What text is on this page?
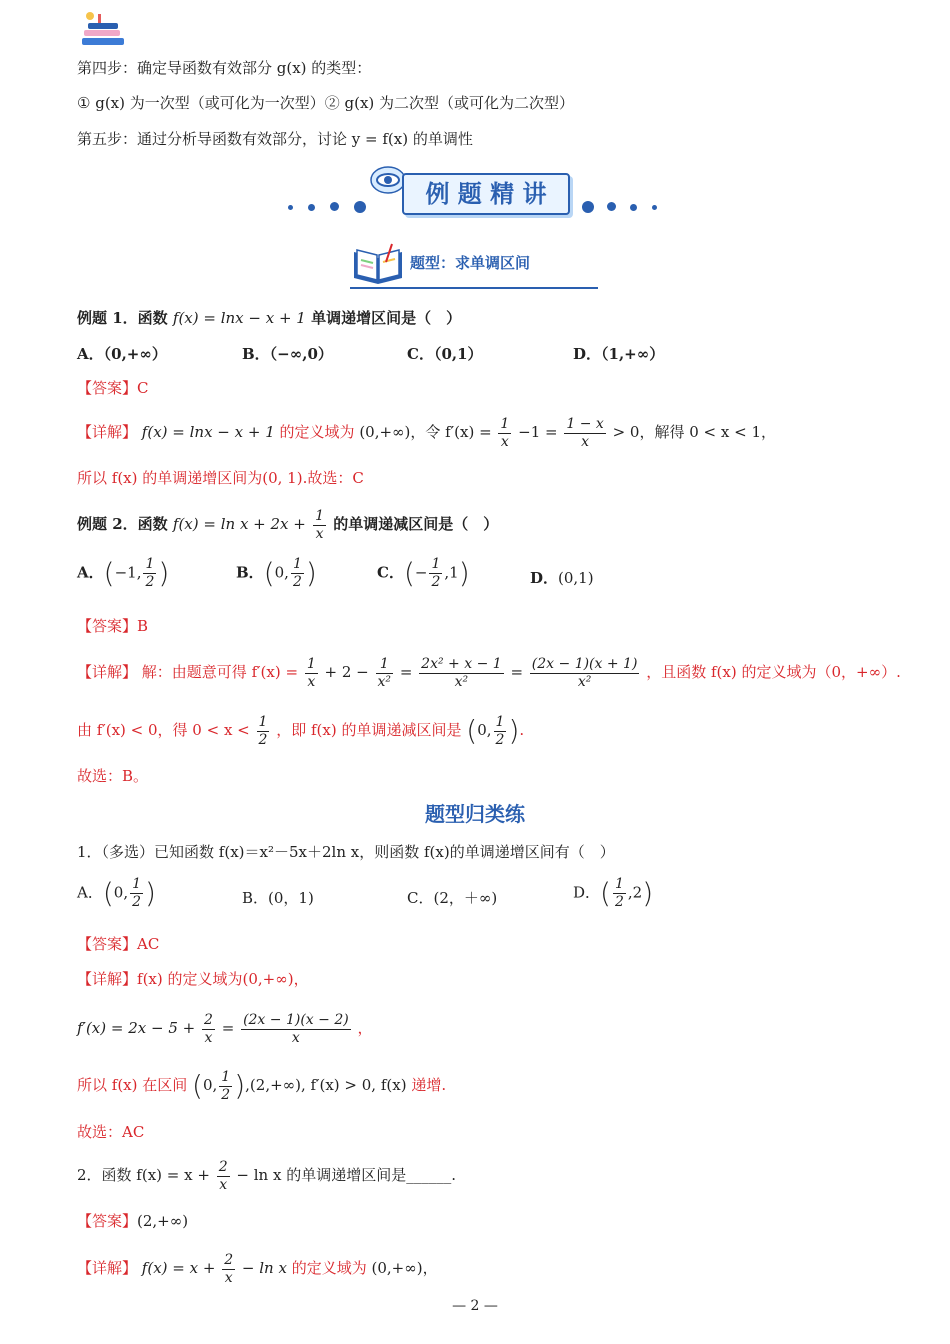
第四步：确定导函数有效部分 g(x) 的类型：
① g(x) 为一次型（或可化为一次型）② g(x) 为二次型（或可化为二次型）
第五步：通过分析导函数有效部分，讨论 y = f(x) 的单调性
例 题 精 讲
题型：求单调区间
例题 1．函数 f(x) = lnx − x + 1 单调递增区间是（　）
A．（0,+∞）	B．（−∞,0）	C．（0,1）	D．（1,+∞）
【答案】C
【详解】 f(x) = lnx − x + 1 的定义域为 (0,+∞)，令 $f'(x) = \frac{1}{x} -1 = \frac{1 - x}{x} > 0$，解得 0 < x < 1，
所以 f(x) 的单调递增区间为(0, 1).故选：C
例题 2．函数 $f(x) = \ln x + 2x + \frac{1}{x}$ 的单调递减区间是（　）
A．(−1, $\frac{1}{2}$ )	B．(0, $\frac{1}{2}$ )	C．(− $\frac{1}{2} ,1$)	D．(0,1)
【答案】B
【详解】 解：由题意可得 $f'(x) = \frac{1}{x} + 2 - \frac{1}{\text{x²}} = \frac{\text{2x² + x − 1}}{\text{x²}} = \frac{(2x - 1)(x + 1)}{\text{x²}}$ ，且函数 f(x) 的定义域为（0，+∞）.
由 f′(x) < 0，得 $0 < x < \frac{1}{2}$ ，即 f(x) 的单调递减区间是 (0, $\frac{1}{2}$ ).
故选：B。
题型归类练
1．（多选）已知函数 f(x)＝x²－5x＋2ln x，则函数 f(x)的单调递增区间有（　）
A．(0, $\frac{1}{2}$ )	B．(0，1)	C．(2，＋∞)	D．( $\frac{1}{2} ,2$)
【答案】AC
【详解】f(x) 的定义域为(0,+∞)，
$f'(x) = 2x - 5 + \frac{2}{x} = \frac{(2x - 1)(x - 2)}{x}$ ，
所以 f(x) 在区间 (0, $\frac{1}{2} ),(2,+\infty)$, f′(x) > 0, f(x) 递增.
故选：AC
2．函数 $f(x) = x + \frac{2}{x} - \ln x$ 的单调递增区间是______.
【答案】(2,+∞)
【详解】 $f(x) = x + \frac{2}{x} - \ln x$ 的定义域为 (0,+∞)，
— 2 —
